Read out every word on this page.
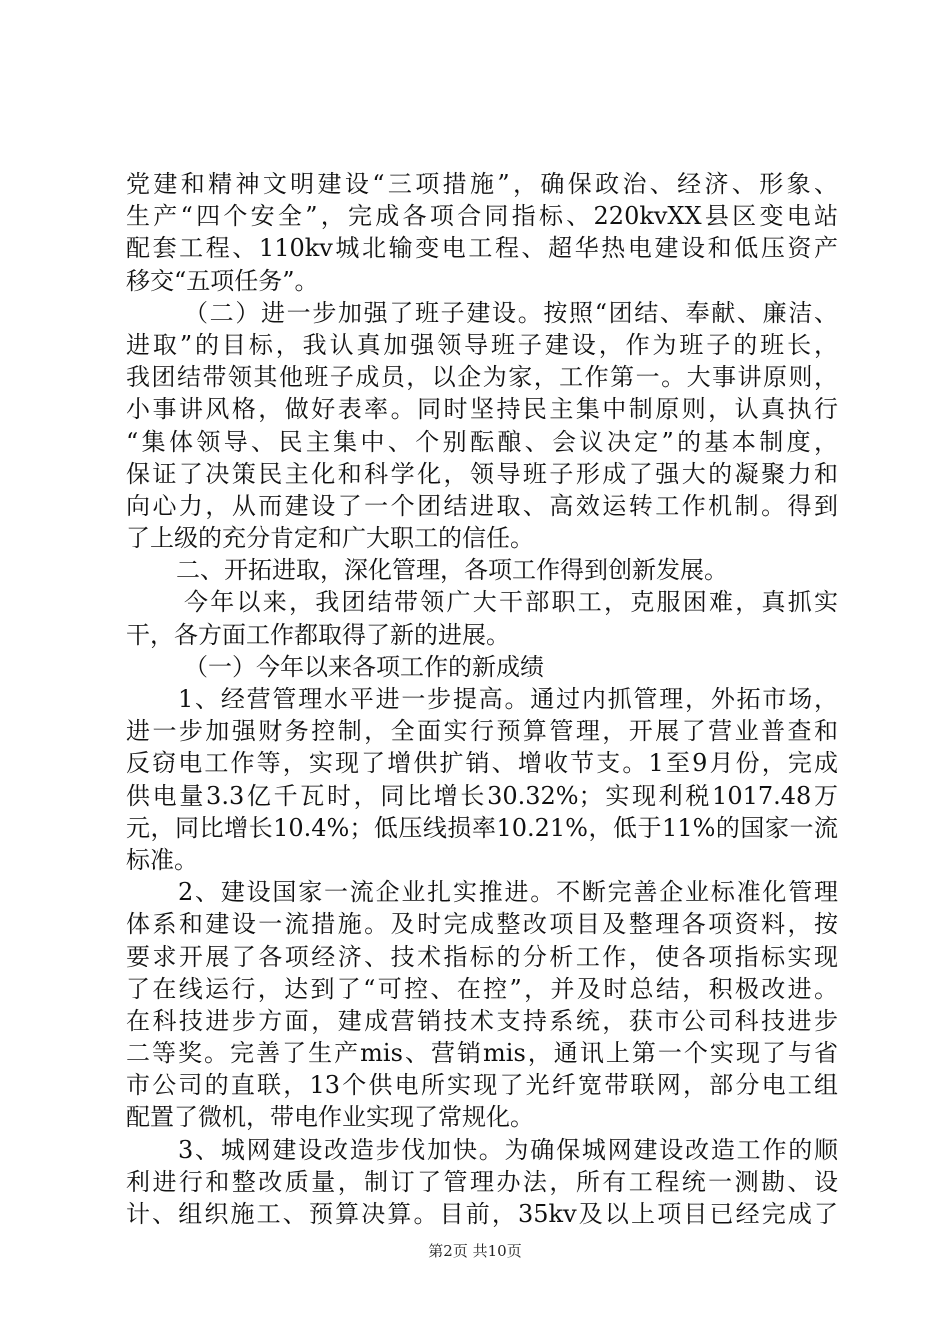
党建和精神文明建设“三项措施”，确保政治、经济、形象、
生产“四个安全”，完成各项合同指标、220kvXX县区变电站
配套工程、110kv城北输变电工程、超华热电建设和低压资产
移交“五项任务”。
（二）进一步加强了班子建设。按照“团结、奉献、廉洁、
进取”的目标，我认真加强领导班子建设，作为班子的班长，
我团结带领其他班子成员，以企为家，工作第一。大事讲原则，
小事讲风格，做好表率。同时坚持民主集中制原则，认真执行
“集体领导、民主集中、个别酝酿、会议决定”的基本制度，
保证了决策民主化和科学化，领导班子形成了强大的凝聚力和
向心力，从而建设了一个团结进取、高效运转工作机制。得到
了上级的充分肯定和广大职工的信任。
二、开拓进取，深化管理，各项工作得到创新发展。
今年以来，我团结带领广大干部职工，克服困难，真抓实
干，各方面工作都取得了新的进展。
（一）今年以来各项工作的新成绩
1、经营管理水平进一步提高。通过内抓管理，外拓市场，
进一步加强财务控制，全面实行预算管理，开展了营业普查和
反窃电工作等，实现了增供扩销、增收节支。1至9月份，完成
供电量3.3亿千瓦时，同比增长30.32%；实现利税1017.48万
元，同比增长10.4%；低压线损率10.21%，低于11%的国家一流
标准。
2、建设国家一流企业扎实推进。不断完善企业标准化管理
体系和建设一流措施。及时完成整改项目及整理各项资料，按
要求开展了各项经济、技术指标的分析工作，使各项指标实现
了在线运行，达到了“可控、在控”，并及时总结，积极改进。
在科技进步方面，建成营销技术支持系统，获市公司科技进步
二等奖。完善了生产mis、营销mis，通讯上第一个实现了与省
市公司的直联，13个供电所实现了光纤宽带联网，部分电工组
配置了微机，带电作业实现了常规化。
3、城网建设改造步伐加快。为确保城网建设改造工作的顺
利进行和整改质量，制订了管理办法，所有工程统一测勘、设
计、组织施工、预算决算。目前，35kv及以上项目已经完成了
第2页 共10页
